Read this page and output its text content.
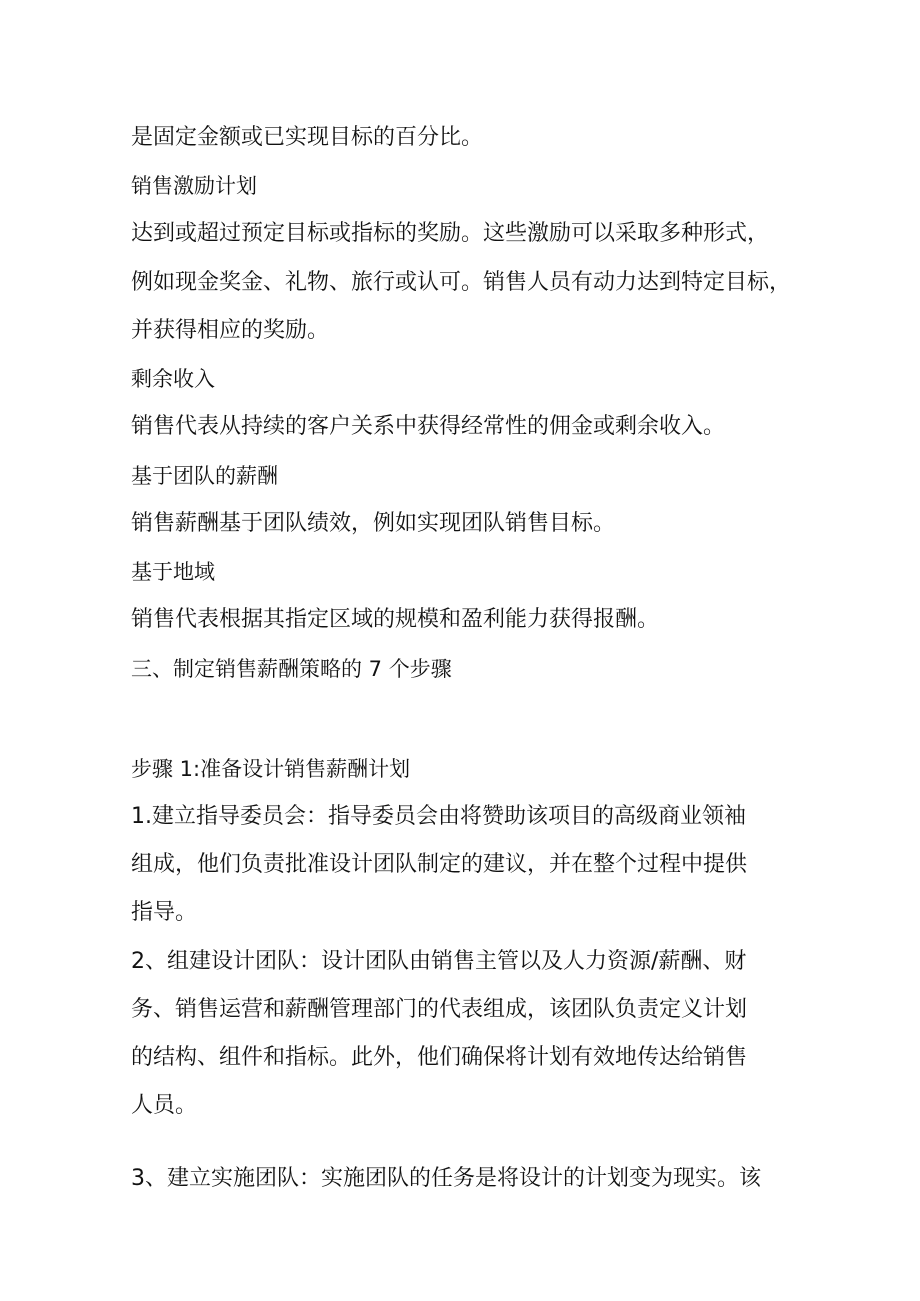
是固定金额或已实现目标的百分比。
销售激励计划
达到或超过预定目标或指标的奖励。这些激励可以采取多种形式，
例如现金奖金、礼物、旅行或认可。销售人员有动力达到特定目标，
并获得相应的奖励。
剩余收入
销售代表从持续的客户关系中获得经常性的佣金或剩余收入。
基于团队的薪酬
销售薪酬基于团队绩效，例如实现团队销售目标。
基于地域
销售代表根据其指定区域的规模和盈利能力获得报酬。
三、制定销售薪酬策略的 7 个步骤
步骤 1:准备设计销售薪酬计划
1.建立指导委员会：指导委员会由将赞助该项目的高级商业领袖
组成，他们负责批准设计团队制定的建议，并在整个过程中提供
指导。
2、组建设计团队：设计团队由销售主管以及人力资源/薪酬、财
务、销售运营和薪酬管理部门的代表组成，该团队负责定义计划
的结构、组件和指标。此外，他们确保将计划有效地传达给销售
人员。
3、建立实施团队：实施团队的任务是将设计的计划变为现实。该
